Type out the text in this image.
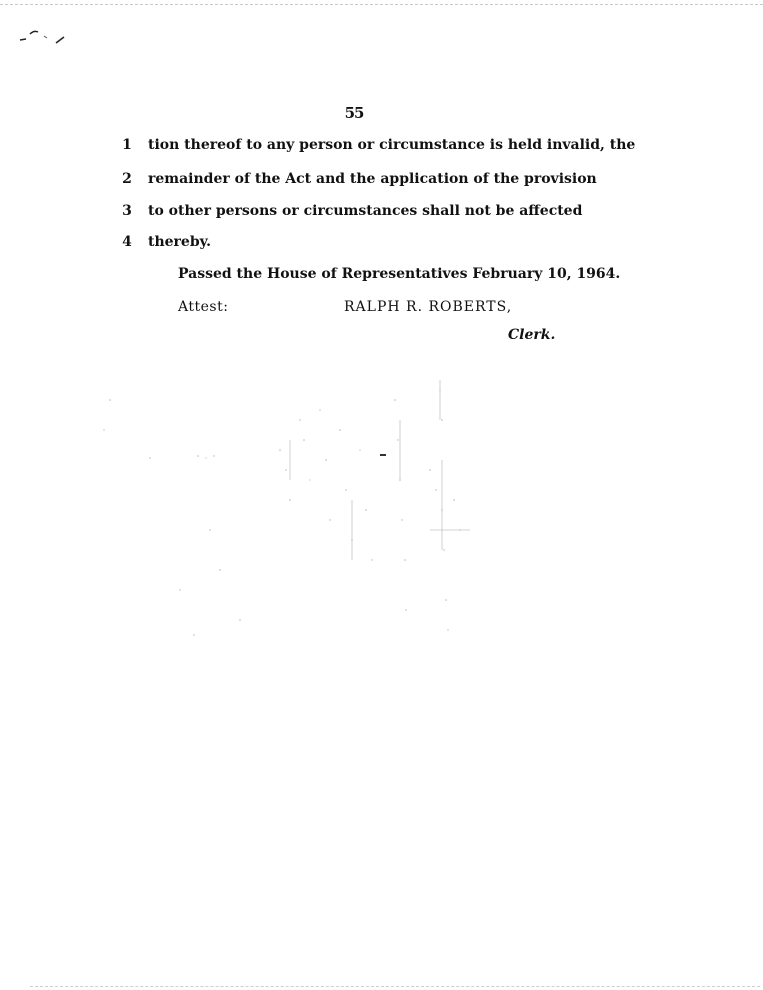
55
1 tion thereof to any person or circumstance is held invalid, the
2 remainder of the Act and the application of the provision
3 to other persons or circumstances shall not be affected
4 thereby.
Passed the House of Representatives February 10, 1964.
Attest:	RALPH R. ROBERTS,
Clerk.
